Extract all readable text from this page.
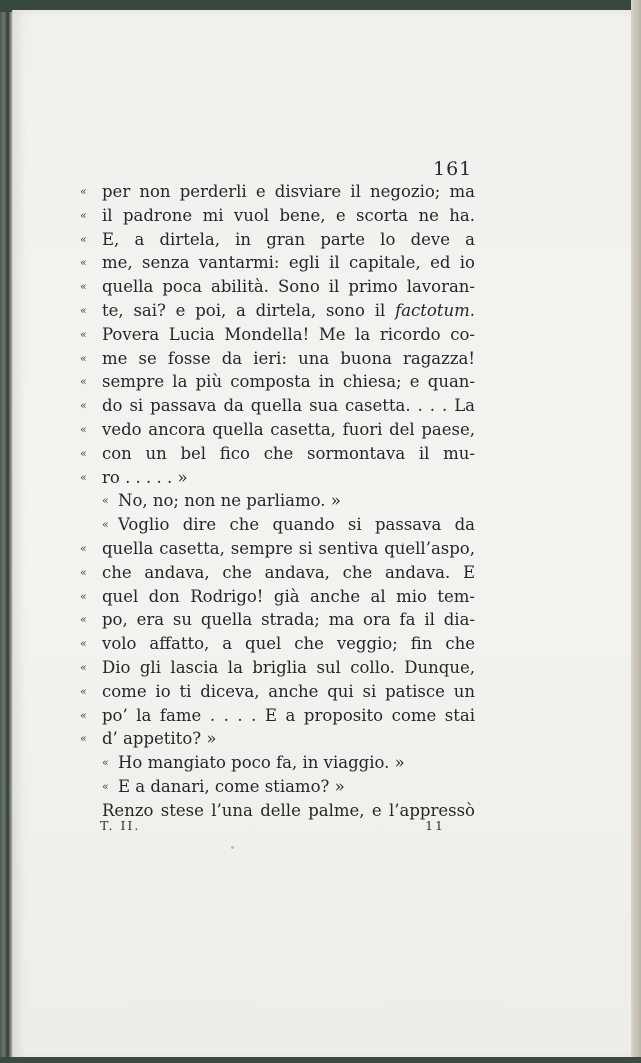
161
« per non perderli e disviare il negozio; ma
« il padrone mi vuol bene, e scorta ne ha.
« E, a dirtela, in gran parte lo deve a
« me, senza vantarmi: egli il capitale, ed io
« quella poca abilità. Sono il primo lavoran-
« te, sai? e poi, a dirtela, sono il factotum.
« Povera Lucia Mondella! Me la ricordo co-
« me se fosse da ieri: una buona ragazza!
« sempre la più composta in chiesa; e quan-
« do si passava da quella sua casetta. . . . La
« vedo ancora quella casetta, fuori del paese,
« con un bel fico che sormontava il mu-
« ro . . . . . »
« No, no; non ne parliamo. »
« Voglio dire che quando si passava da
« quella casetta, sempre si sentiva quell’aspo,
« che andava, che andava, che andava. E
« quel don Rodrigo! già anche al mio tem-
« po, era su quella strada; ma ora fa il dia-
« volo affatto, a quel che veggio; fin che
« Dio gli lascia la briglia sul collo. Dunque,
« come io ti diceva, anche qui si patisce un
« po’ la fame . . . . E a proposito come stai
« d’ appetito? »
« Ho mangiato poco fa, in viaggio. »
« E a danari, come stiamo? »
Renzo stese l’una delle palme, e l’appressò
T. II.	11
